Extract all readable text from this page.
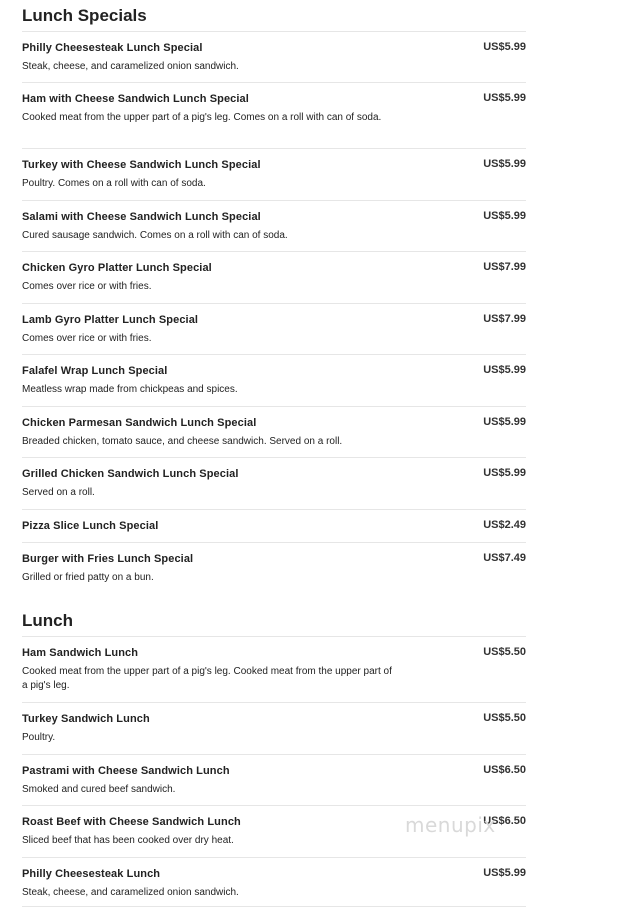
Lunch Specials
Philly Cheesesteak Lunch Special	US$5.99
Steak, cheese, and caramelized onion sandwich.
Ham with Cheese Sandwich Lunch Special	US$5.99
Cooked meat from the upper part of a pig's leg. Comes on a roll with can of soda.
Turkey with Cheese Sandwich Lunch Special	US$5.99
Poultry. Comes on a roll with can of soda.
Salami with Cheese Sandwich Lunch Special	US$5.99
Cured sausage sandwich. Comes on a roll with can of soda.
Chicken Gyro Platter Lunch Special	US$7.99
Comes over rice or with fries.
Lamb Gyro Platter Lunch Special	US$7.99
Comes over rice or with fries.
Falafel Wrap Lunch Special	US$5.99
Meatless wrap made from chickpeas and spices.
Chicken Parmesan Sandwich Lunch Special	US$5.99
Breaded chicken, tomato sauce, and cheese sandwich. Served on a roll.
Grilled Chicken Sandwich Lunch Special	US$5.99
Served on a roll.
Pizza Slice Lunch Special	US$2.49
Burger with Fries Lunch Special	US$7.49
Grilled or fried patty on a bun.
Lunch
Ham Sandwich Lunch	US$5.50
Cooked meat from the upper part of a pig's leg. Cooked meat from the upper part of a pig's leg.
Turkey Sandwich Lunch	US$5.50
Poultry.
Pastrami with Cheese Sandwich Lunch	US$6.50
Smoked and cured beef sandwich.
Roast Beef with Cheese Sandwich Lunch	US$6.50
Sliced beef that has been cooked over dry heat.
Philly Cheesesteak Lunch	US$5.99
Steak, cheese, and caramelized onion sandwich.
menupix
